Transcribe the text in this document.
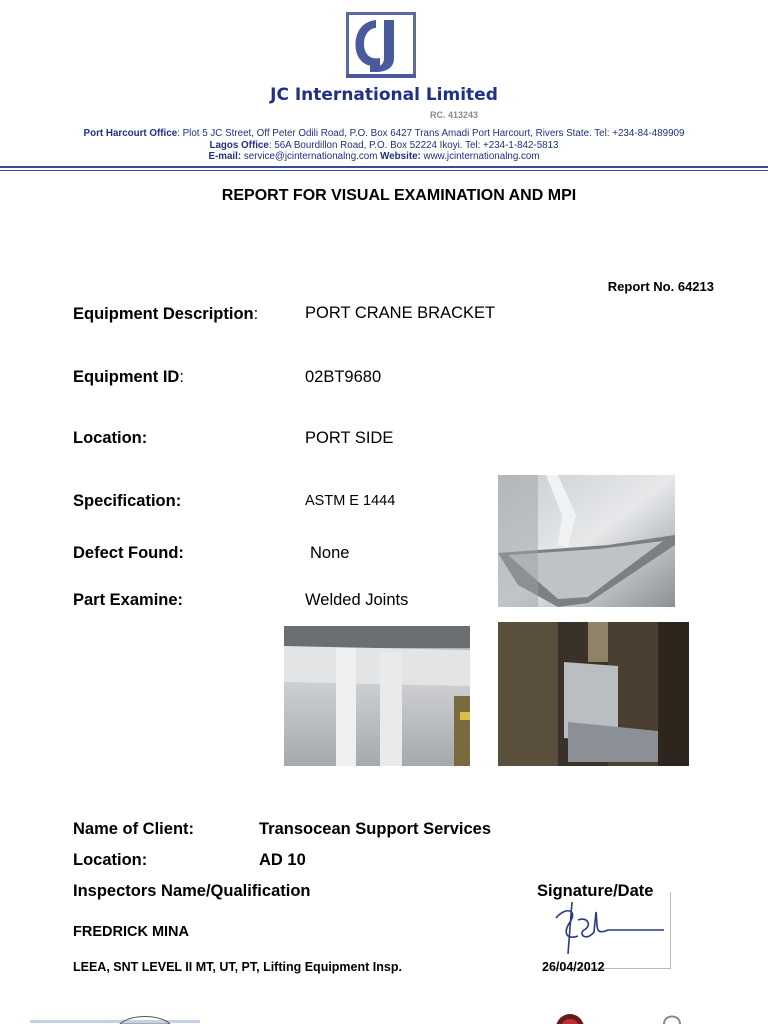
JC International Limited
RC. 413243
Port Harcourt Office: Plot 5 JC Street, Off Peter Odili Road, P.O. Box 6427 Trans Amadi Port Harcourt, Rivers State. Tel: +234-84-489909
Lagos Office: 56A Bourdillon Road, P.O. Box 52224 Ikoyi. Tel: +234-1-842-5813
E-mail: service@jcinternationalng.com Website: www.jcinternationalng.com
REPORT FOR VISUAL EXAMINATION AND MPI
Report No. 64213
Equipment Description:	PORT CRANE BRACKET
Equipment ID:	02BT9680
Location:	PORT SIDE
Specification:	ASTM E 1444
Defect Found:	None
Part Examine:	Welded Joints
Name of Client:	Transocean Support Services
Location:	AD 10
Inspectors Name/Qualification	Signature/Date
FREDRICK MINA
LEEA, SNT LEVEL II MT, UT, PT, Lifting Equipment Insp.	26/04/2012
